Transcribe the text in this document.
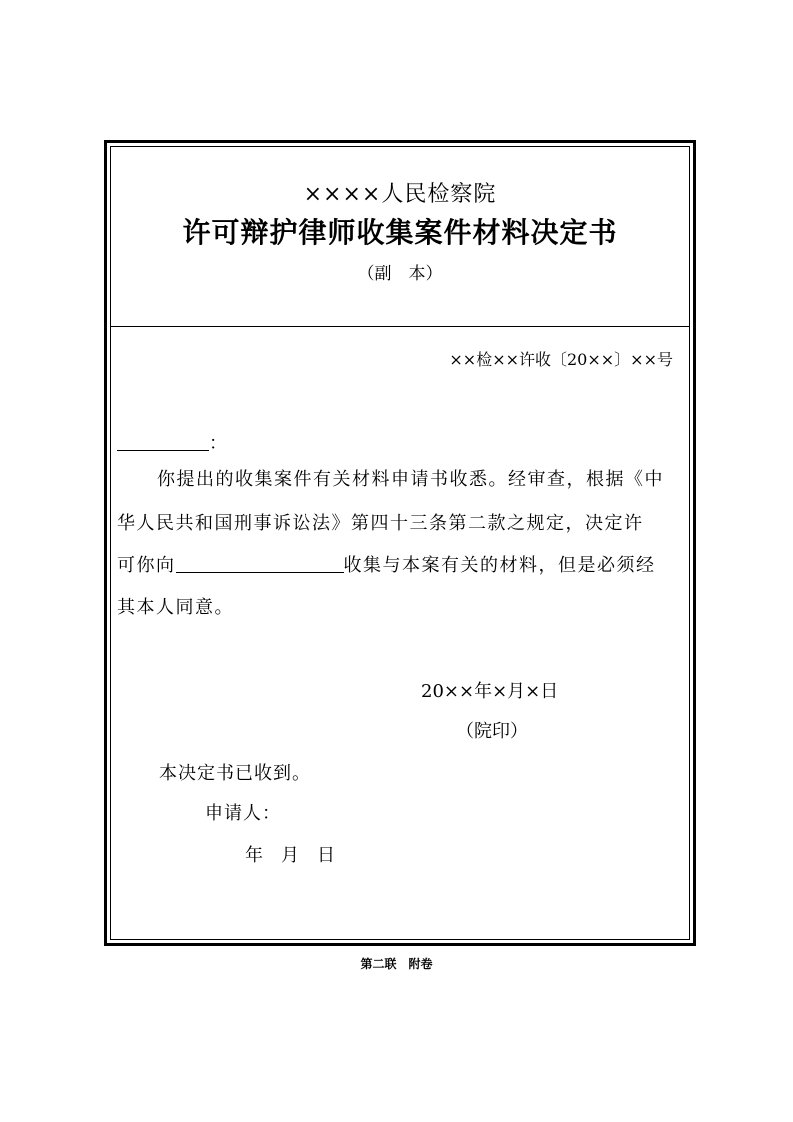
××××人民检察院
许可辩护律师收集案件材料决定书
（副　本）
××检××许收〔20××〕××号
：
你提出的收集案件有关材料申请书收悉。经审查，根据《中
华人民共和国刑事诉讼法》第四十三条第二款之规定，决定许
可你向	收集与本案有关的材料，但是必须经
其本人同意。
20××年×月×日
（院印）
本决定书已收到。
申请人：
年　月　日
第二联　附卷
